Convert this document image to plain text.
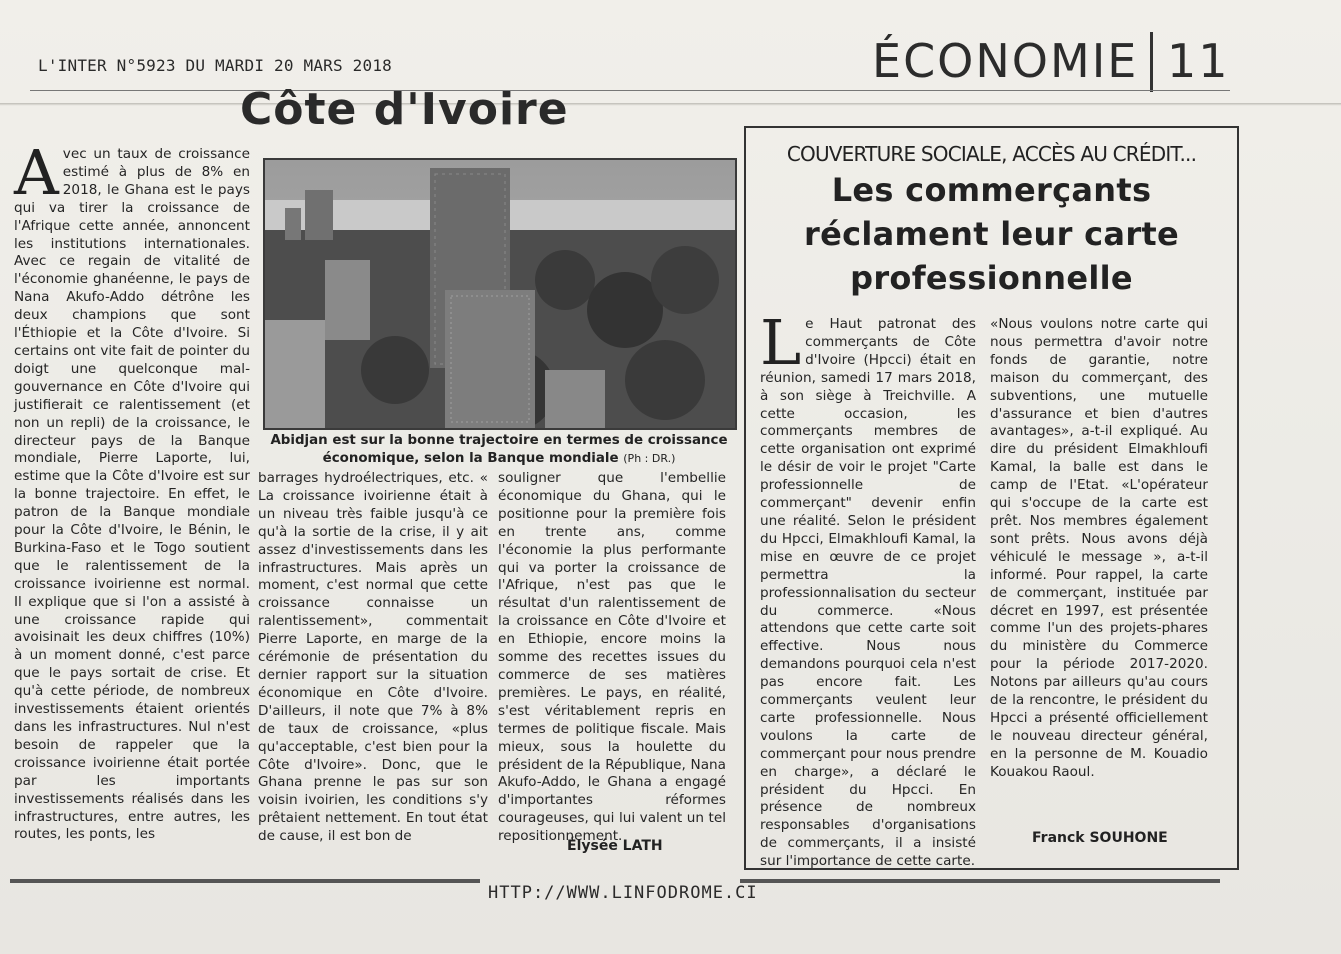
L'INTER N°5923 DU MARDI 20 MARS 2018	ÉCONOMIE 11
Côte d'Ivoire

Avec un taux de croissance estimé à plus de 8% en 2018, le Ghana est le pays qui va tirer la croissance de l'Afrique cette année, annoncent les institutions internationales. Avec ce regain de vitalité de l'économie ghanéenne, le pays de Nana Akufo-Addo détrône les deux champions que sont l'Éthiopie et la Côte d'Ivoire. Si certains ont vite fait de pointer du doigt une quelconque mal-gouvernance en Côte d'Ivoire qui justifierait ce ralentissement (et non un repli) de la croissance, le directeur pays de la Banque mondiale, Pierre Laporte, lui, estime que la Côte d'Ivoire est sur la bonne trajectoire. En effet, le patron de la Banque mondiale pour la Côte d'Ivoire, le Bénin, le Burkina-Faso et le Togo soutient que le ralentissement de la croissance ivoirienne est normal. Il explique que si l'on a assisté à une croissance rapide qui avoisinait les deux chiffres (10%) à un moment donné, c'est parce que le pays sortait de crise. Et qu'à cette période, de nombreux investissements étaient orientés dans les infrastructures. Nul n'est besoin de rappeler que la croissance ivoirienne était portée par les importants investissements réalisés dans les infrastructures, entre autres, les routes, les ponts, les

Abidjan est sur la bonne trajectoire en termes de croissance économique, selon la Banque mondiale (Ph : DR.)

barrages hydroélectriques, etc. « La croissance ivoirienne était à un niveau très faible jusqu'à ce qu'à la sortie de la crise, il y ait assez d'investissements dans les infrastructures. Mais après un moment, c'est normal que cette croissance connaisse un ralentissement», commentait Pierre Laporte, en marge de la cérémonie de présentation du dernier rapport sur la situation économique en Côte d'Ivoire. D'ailleurs, il note que 7% à 8% de taux de croissance, «plus qu'acceptable, c'est bien pour la Côte d'Ivoire». Donc, que le Ghana prenne le pas sur son voisin ivoirien, les conditions s'y prêtaient nettement. En tout état de cause, il est bon de

souligner que l'embellie économique du Ghana, qui le positionne pour la première fois en trente ans, comme l'économie la plus performante qui va porter la croissance de l'Afrique, n'est pas que le résultat d'un ralentissement de la croissance en Côte d'Ivoire et en Ethiopie, encore moins la somme des recettes issues du commerce de ses matières premières. Le pays, en réalité, s'est véritablement repris en termes de politique fiscale. Mais mieux, sous la houlette du président de la République, Nana Akufo-Addo, le Ghana a engagé d'importantes réformes courageuses, qui lui valent un tel repositionnement.

Élysée LATH
COUVERTURE SOCIALE, ACCÈS AU CRÉDIT...
Les commerçants réclament leur carte professionnelle

Le Haut patronat des commerçants de Côte d'Ivoire (Hpcci) était en réunion, samedi 17 mars 2018, à son siège à Treichville. A cette occasion, les commerçants membres de cette organisation ont exprimé le désir de voir le projet "Carte professionnelle de commerçant" devenir enfin une réalité. Selon le président du Hpcci, Elmakhloufi Kamal, la mise en œuvre de ce projet permettra la professionnalisation du secteur du commerce. «Nous attendons que cette carte soit effective. Nous nous demandons pourquoi cela n'est pas encore fait. Les commerçants veulent leur carte professionnelle. Nous voulons la carte de commerçant pour nous prendre en charge», a déclaré le président du Hpcci. En présence de nombreux responsables d'organisations de commerçants, il a insisté sur l'importance de cette carte.

«Nous voulons notre carte qui nous permettra d'avoir notre fonds de garantie, notre maison du commerçant, des subventions, une mutuelle d'assurance et bien d'autres avantages», a-t-il expliqué. Au dire du président Elmakhloufi Kamal, la balle est dans le camp de l'Etat. «L'opérateur qui s'occupe de la carte est prêt. Nos membres également sont prêts. Nous avons déjà véhiculé le message », a-t-il informé. Pour rappel, la carte de commerçant, instituée par décret en 1997, est présentée comme l'un des projets-phares du ministère du Commerce pour la période 2017-2020. Notons par ailleurs qu'au cours de la rencontre, le président du Hpcci a présenté officiellement le nouveau directeur général, en la personne de M. Kouadio Kouakou Raoul.

Franck SOUHONE
HTTP://WWW.LINFODROME.CI
